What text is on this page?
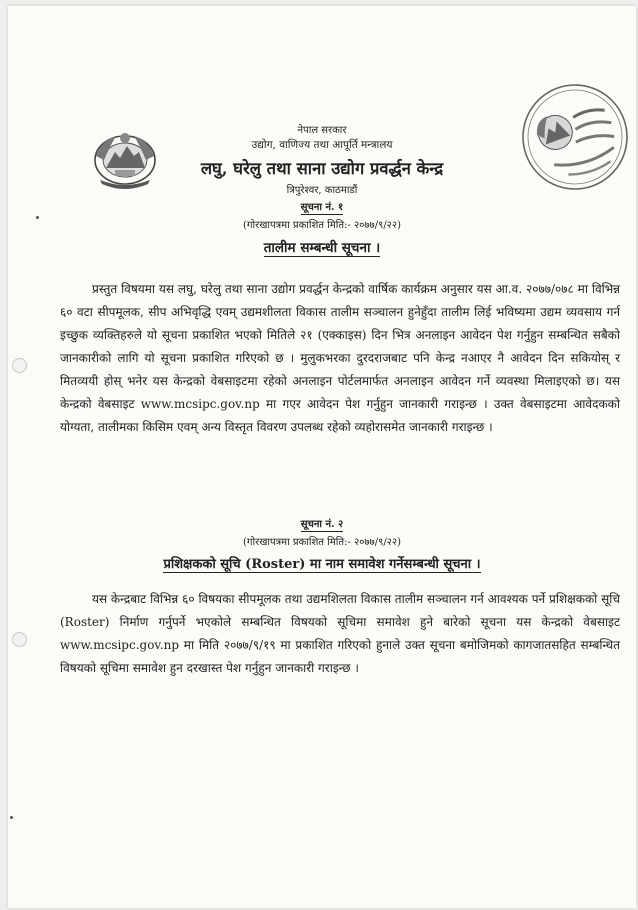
नेपाल सरकार
उद्योग, वाणिज्य तथा आपूर्ति मन्त्रालय
लघु, घरेलु तथा साना उद्योग प्रवर्द्धन केन्द्र
त्रिपुरेश्वर, काठमाडौं
सूचना नं. १
(गोरखापत्रमा प्रकाशित मिति:- २०७७/९/२२)
तालीम सम्बन्धी सूचना ।
प्रस्तुत विषयमा यस लघु, घरेलु तथा साना उद्योग प्रवर्द्धन केन्द्रको वार्षिक कार्यक्रम अनुसार यस आ.व. २०७७/०७८ मा विभिन्न ६० वटा सीपमूलक, सीप अभिवृद्धि एवम् उद्यमशीलता विकास तालीम सञ्चालन हुनेहुँदा तालीम लिई भविष्यमा उद्यम व्यवसाय गर्न इच्छुक व्यक्तिहरुले यो सूचना प्रकाशित भएको मितिले २१ (एक्काइस) दिन भित्र अनलाइन आवेदन पेश गर्नुहुन सम्बन्धित सबैको जानकारीको लागि यो सूचना प्रकाशित गरिएको छ । मुलुकभरका दुरदराजबाट पनि केन्द्र नआएर नै आवेदन दिन सकियोस् र मितव्ययी होस् भनेर यस केन्द्रको वेबसाइटमा रहेको अनलाइन पोर्टलमार्फत अनलाइन आवेदन गर्ने व्यवस्था मिलाइएको छ। यस केन्द्रको वेबसाइट www.mcsipc.gov.np मा गएर आवेदन पेश गर्नुहुन जानकारी गराइन्छ । उक्त वेबसाइटमा आवेदकको योग्यता, तालीमका किसिम एवम् अन्य विस्तृत विवरण उपलब्ध रहेको व्यहोरासमेत जानकारी गराइन्छ ।
सूचना नं. २
(गोरखापत्रमा प्रकाशित मिति:- २०७७/९/२२)
प्रशिक्षकको सूचि (Roster) मा नाम समावेश गर्नेसम्बन्धी सूचना ।
यस केन्द्रबाट विभिन्न ६० विषयका सीपमूलक तथा उद्यमशिलता विकास तालीम सञ्चालन गर्न आवश्यक पर्ने प्रशिक्षकको सूचि (Roster) निर्माण गर्नुपर्ने भएकोले सम्बन्धित विषयको सूचिमा समावेश हुने बारेको सूचना यस केन्द्रको वेबसाइट www.mcsipc.gov.np मा मिति २०७७/९/१९ मा प्रकाशित गरिएको हुनाले उक्त सूचना बमोजिमको कागजातसहित सम्बन्धित विषयको सूचिमा समावेश हुन दरखास्त पेश गर्नुहुन जानकारी गराइन्छ ।
